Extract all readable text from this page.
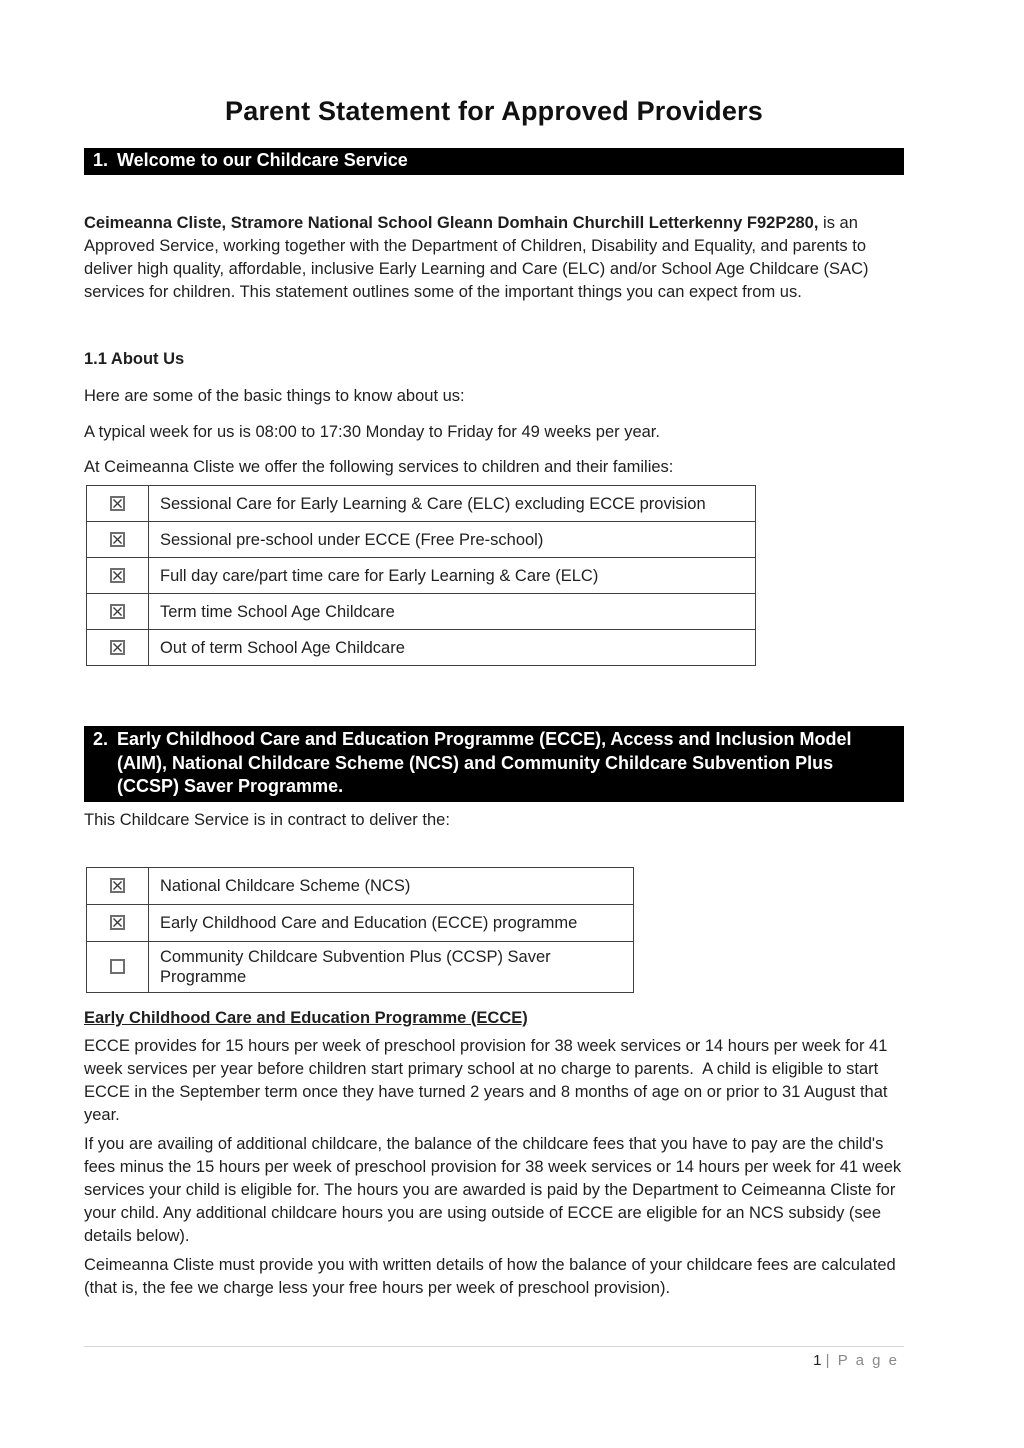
Parent Statement for Approved Providers
1. Welcome to our Childcare Service

Ceimeanna Cliste, Stramore National School Gleann Domhain Churchill Letterkenny F92P280, is an Approved Service, working together with the Department of Children, Disability and Equality, and parents to deliver high quality, affordable, inclusive Early Learning and Care (ELC) and/or School Age Childcare (SAC) services for children. This statement outlines some of the important things you can expect from us.

1.1 About Us

Here are some of the basic things to know about us:

A typical week for us is 08:00 to 17:30 Monday to Friday for 49 weeks per year.

At Ceimeanna Cliste we offer the following services to children and their families:

	Sessional Care for Early Learning & Care (ELC) excluding ECCE provision

	Sessional pre-school under ECCE (Free Pre-school)

	Full day care/part time care for Early Learning & Care (ELC)

	Term time School Age Childcare

	Out of term School Age Childcare
2. Early Childhood Care and Education Programme (ECCE), Access and Inclusion Model (AIM), National Childcare Scheme (NCS) and Community Childcare Subvention Plus (CCSP) Saver Programme.

This Childcare Service is in contract to deliver the:

	National Childcare Scheme (NCS)

	Early Childhood Care and Education (ECCE) programme
	Community Childcare Subvention Plus (CCSP) Saver Programme
Early Childhood Care and Education Programme (ECCE)

ECCE provides for 15 hours per week of preschool provision for 38 week services or 14 hours per week for 41 week services per year before children start primary school at no charge to parents.  A child is eligible to start ECCE in the September term once they have turned 2 years and 8 months of age on or prior to 31 August that year.

If you are availing of additional childcare, the balance of the childcare fees that you have to pay are the child's fees minus the 15 hours per week of preschool provision for 38 week services or 14 hours per week for 41 week services your child is eligible for. The hours you are awarded is paid by the Department to Ceimeanna Cliste for your child. Any additional childcare hours you are using outside of ECCE are eligible for an NCS subsidy (see details below).

Ceimeanna Cliste must provide you with written details of how the balance of your childcare fees are calculated (that is, the fee we charge less your free hours per week of preschool provision).

1 | P a g e
